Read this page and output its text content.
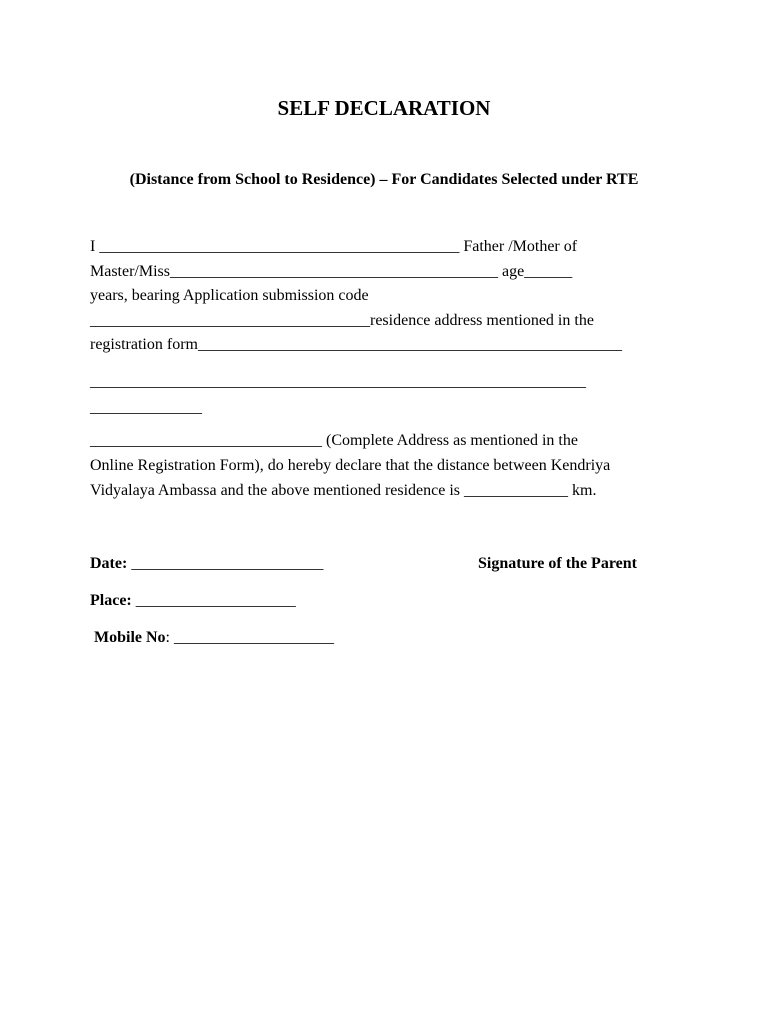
SELF DECLARATION
(Distance from School to Residence) – For Candidates Selected under RTE
I _____________________________________________ Father /Mother of
Master/Miss_________________________________________ age______
years, bearing Application submission code
___________________________________residence address mentioned in the
registration form_____________________________________________________
______________________________________________________________
______________
_____________________________ (Complete Address as mentioned in the
Online Registration Form), do hereby declare that the distance between Kendriya
Vidyalaya Ambassa and the above mentioned residence is _____________ km.
Date: ________________________	Signature of the Parent
Place: ____________________
Mobile No: ____________________
